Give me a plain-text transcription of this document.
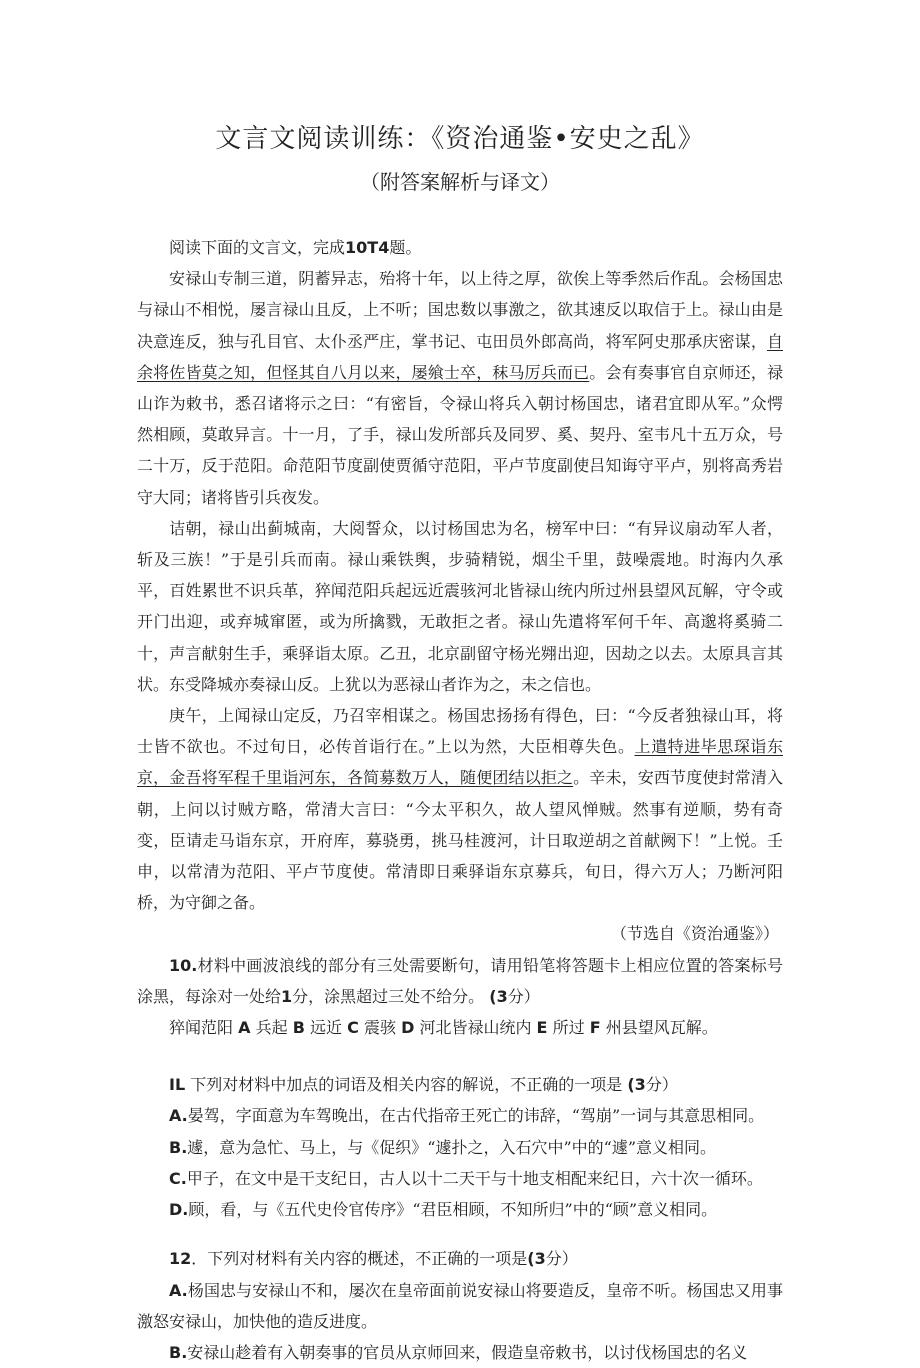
文言文阅读训练：《资治通鉴•安史之乱》
（附答案解析与译文）

阅读下面的文言文，完成10T4题。

安禄山专制三道，阴蓄异志，殆将十年，以上待之厚，欲俟上等季然后作乱。会杨国忠与禄山不相悦，屡言禄山且反，上不听；国忠数以事激之，欲其速反以取信于上。禄山由是决意连反，独与孔目官、太仆丞严庄，掌书记、屯田员外郎高尚，将军阿史那承庆密谋，自余将佐皆莫之知，但怪其自八月以来，屡飨士卒，秣马厉兵而已。会有奏事官自京师还，禄山诈为敕书，悉召诸将示之曰：“有密旨，令禄山将兵入朝讨杨国忠，诸君宜即从军。”众愕然相顾，莫敢异言。十一月，了手，禄山发所部兵及同罗、奚、契丹、室韦凡十五万众，号二十万，反于范阳。命范阳节度副使贾循守范阳，平卢节度副使吕知诲守平卢，别将高秀岩守大同；诸将皆引兵夜发。

诘朝，禄山出蓟城南，大阅誓众，以讨杨国忠为名，榜军中曰：“有异议扇动军人者，斩及三族！”于是引兵而南。禄山乘铁舆，步骑精锐，烟尘千里，鼓噪震地。时海内久承平，百姓累世不识兵革，猝闻范阳兵起远近震骇河北皆禄山统内所过州县望风瓦解，守令或开门出迎，或弃城窜匿，或为所擒戮，无敢拒之者。禄山先遣将军何千年、高邈将奚骑二十，声言献射生手，乘驿诣太原。乙丑，北京副留守杨光翙出迎，因劫之以去。太原具言其状。东受降城亦奏禄山反。上犹以为恶禄山者诈为之，未之信也。

庚午，上闻禄山定反，乃召宰相谋之。杨国忠扬扬有得色，曰：“今反者独禄山耳，将士皆不欲也。不过旬日，必传首诣行在。”上以为然，大臣相尊失色。上遣特进毕思琛诣东京，金吾将军程千里诣河东，各简募数万人，随便团结以拒之。辛未，安西节度使封常清入朝，上问以讨贼方略，常清大言曰：“今太平积久，故人望风惮贼。然事有逆顺，势有奇变，臣请走马诣东京，开府库，募骁勇，挑马桂渡河，计日取逆胡之首献阙下！”上悦。壬申，以常清为范阳、平卢节度使。常清即日乘驿诣东京募兵，旬日，得六万人；乃断河阳桥，为守御之备。

（节选自《资治通鉴》）

10.材料中画波浪线的部分有三处需要断句，请用铅笔将答题卡上相应位置的答案标号涂黑，每涂对一处给1分，涂黑超过三处不给分。 (3分）

猝闻范阳 A 兵起 B 远近 C 震骇 D 河北皆禄山统内 E 所过 F 州县望风瓦解。

IL 下列对材料中加点的词语及相关内容的解说，不正确的一项是 (3分）

A.晏驾，字面意为车驾晚出，在古代指帝王死亡的讳辞，“驾崩”一词与其意思相同。

B.遽，意为急忙、马上，与《促织》“遽扑之，入石穴中”中的“遽”意义相同。

C.甲子，在文中是干支纪日，古人以十二天干与十地支相配来纪日，六十次一循环。

D.顾，看，与《五代史伶官传序》“君臣相顾，不知所归”中的“顾”意义相同。

12．下列对材料有关内容的概述，不正确的一项是(3分）

A.杨国忠与安禄山不和，屡次在皇帝面前说安禄山将要造反，皇帝不听。杨国忠又用事激怒安禄山，加快他的造反进度。

B.安禄山趁着有入朝奏事的官员从京师回来，假造皇帝敕书，以讨伐杨国忠的名义
